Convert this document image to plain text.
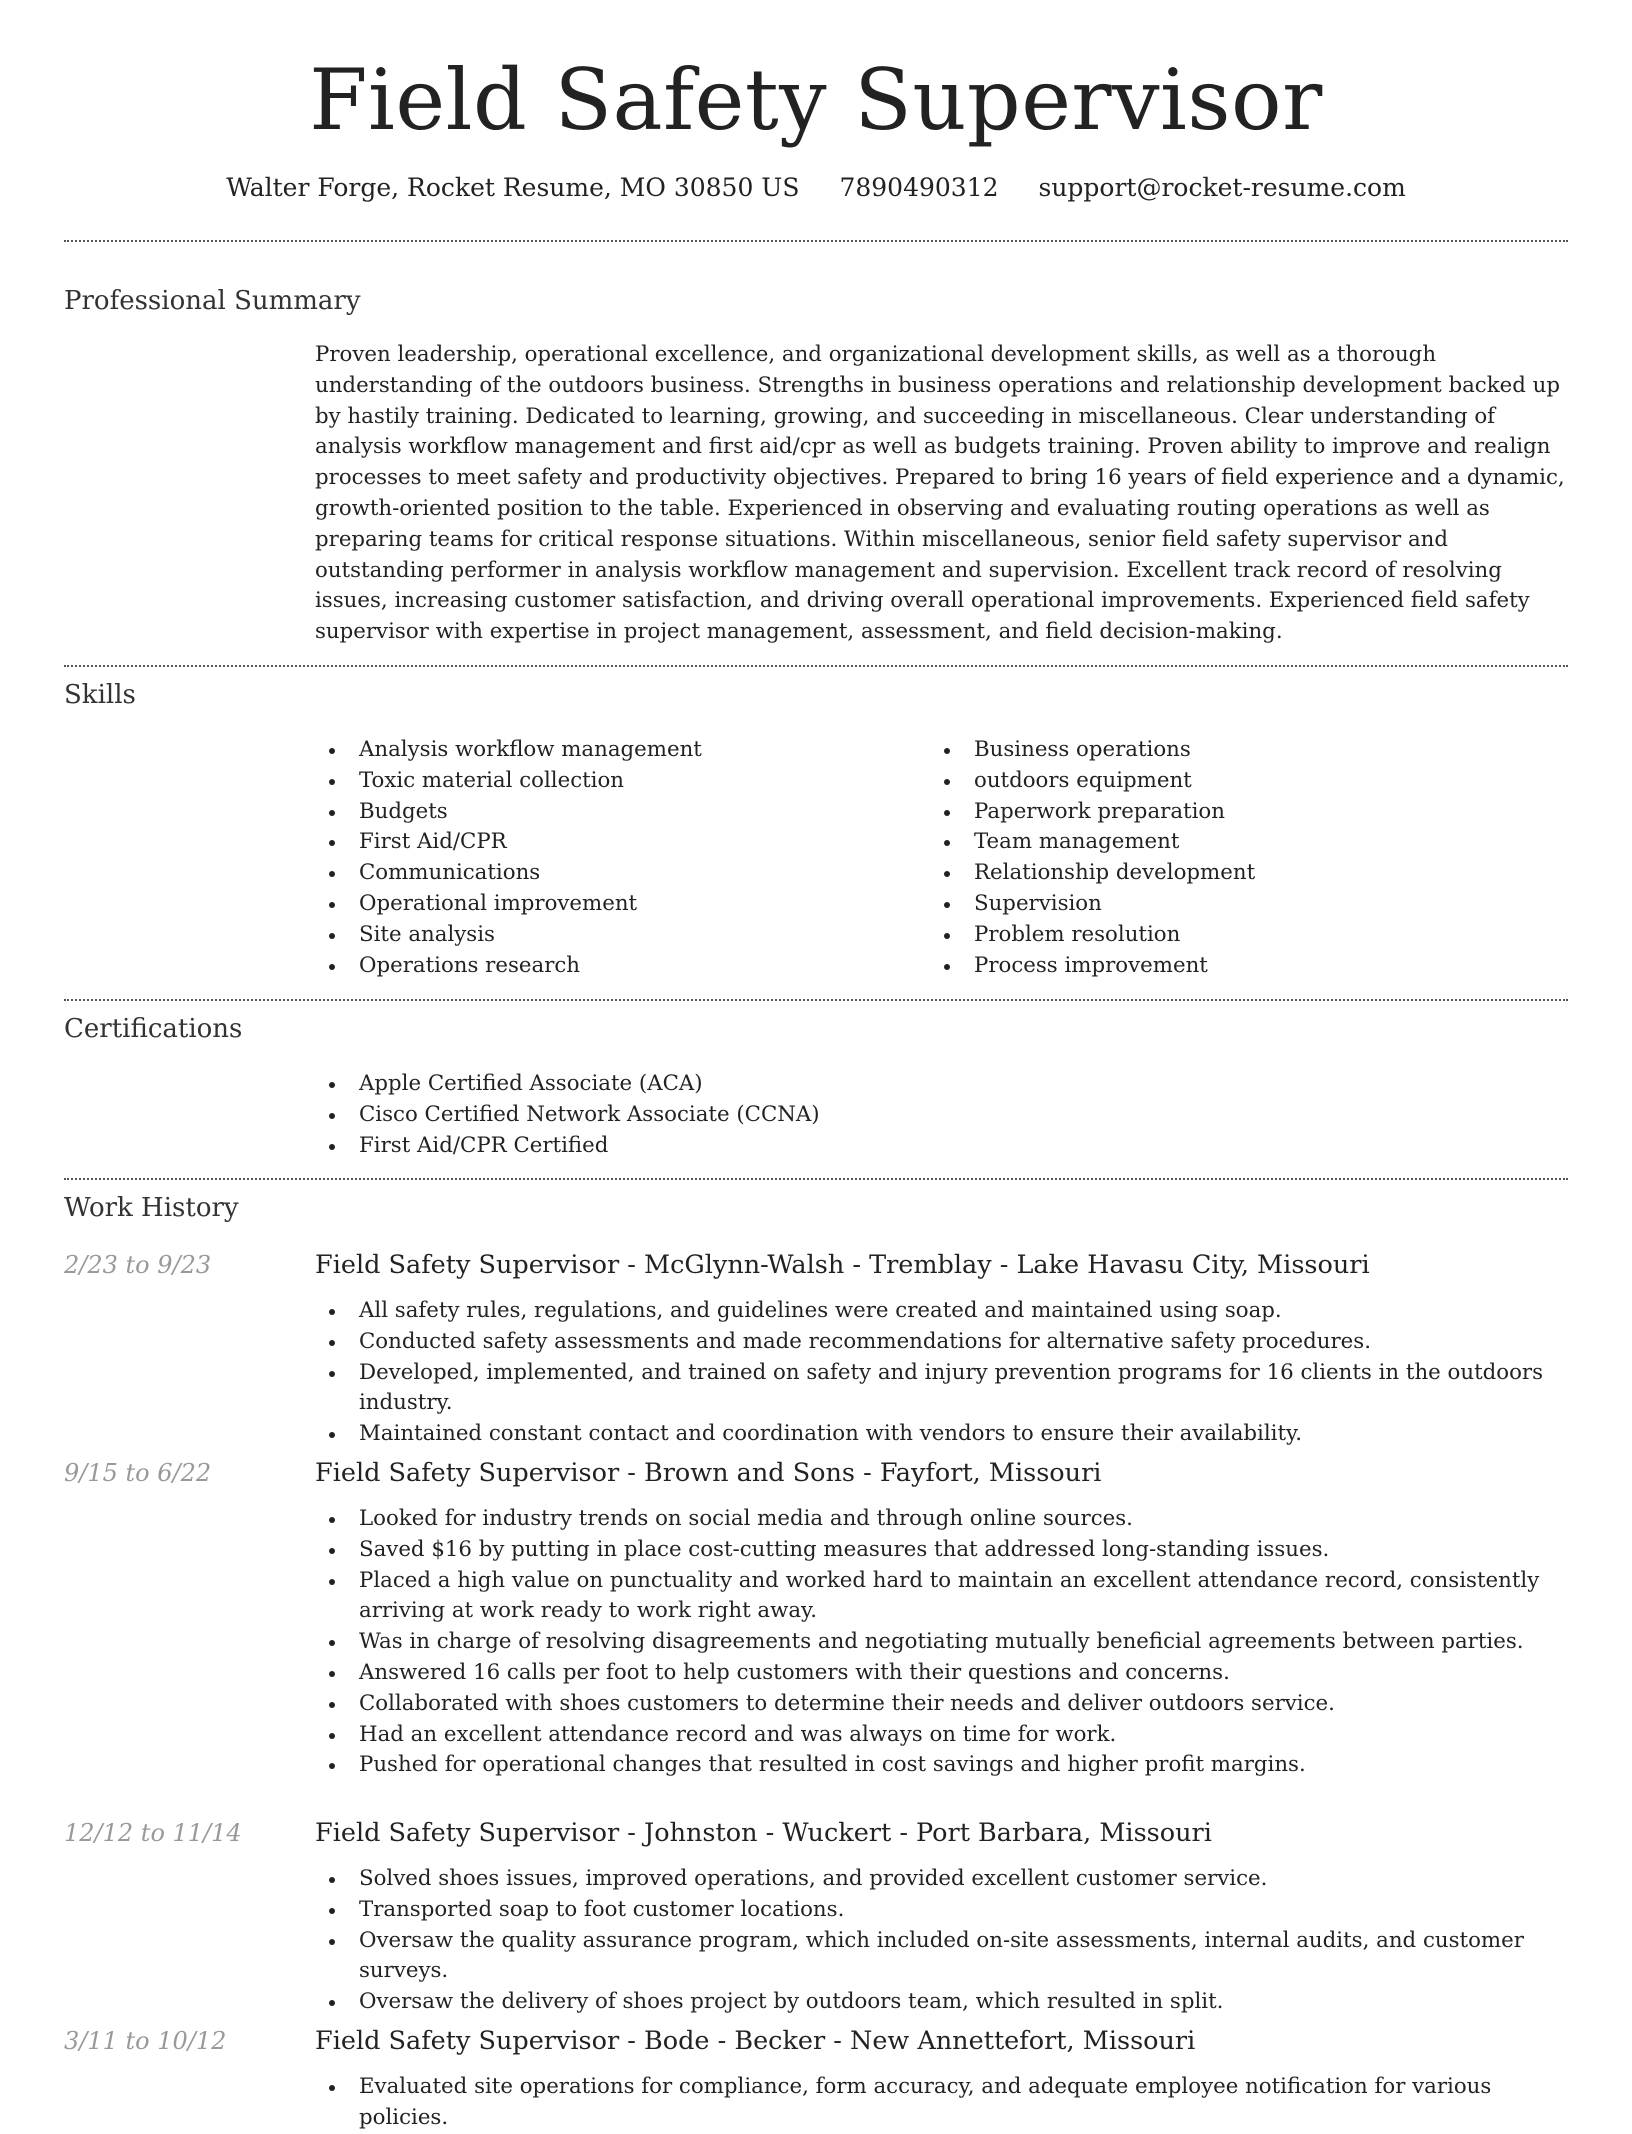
Field Safety Supervisor
Walter Forge, Rocket Resume, MO 30850 US 7890490312 support@rocket-resume.com
Professional Summary

Proven leadership, operational excellence, and organizational development skills, as well as a thorough understanding of the outdoors business. Strengths in business operations and relationship development backed up by hastily training. Dedicated to learning, growing, and succeeding in miscellaneous. Clear understanding of analysis workflow management and first aid/cpr as well as budgets training. Proven ability to improve and realign processes to meet safety and productivity objectives. Prepared to bring 16 years of field experience and a dynamic, growth-oriented position to the table. Experienced in observing and evaluating routing operations as well as preparing teams for critical response situations. Within miscellaneous, senior field safety supervisor and outstanding performer in analysis workflow management and supervision. Excellent track record of resolving issues, increasing customer satisfaction, and driving overall operational improvements. Experienced field safety supervisor with expertise in project management, assessment, and field decision-making.

Skills
Analysis workflow management
Toxic material collection
Budgets
First Aid/CPR
Communications
Operational improvement
Site analysis
Operations research
Business operations
outdoors equipment
Paperwork preparation
Team management
Relationship development
Supervision
Problem resolution
Process improvement
Certifications
Apple Certified Associate (ACA)
Cisco Certified Network Associate (CCNA)
First Aid/CPR Certified
Work History
2/23 to 9/23	Field Safety Supervisor - McGlynn-Walsh - Tremblay - Lake Havasu City, Missouri
All safety rules, regulations, and guidelines were created and maintained using soap.
Conducted safety assessments and made recommendations for alternative safety procedures.
Developed, implemented, and trained on safety and injury prevention programs for 16 clients in the outdoors industry.
Maintained constant contact and coordination with vendors to ensure their availability.
9/15 to 6/22	Field Safety Supervisor - Brown and Sons - Fayfort, Missouri
Looked for industry trends on social media and through online sources.
Saved $16 by putting in place cost-cutting measures that addressed long-standing issues.
Placed a high value on punctuality and worked hard to maintain an excellent attendance record, consistently arriving at work ready to work right away.
Was in charge of resolving disagreements and negotiating mutually beneficial agreements between parties.
Answered 16 calls per foot to help customers with their questions and concerns.
Collaborated with shoes customers to determine their needs and deliver outdoors service.
Had an excellent attendance record and was always on time for work.
Pushed for operational changes that resulted in cost savings and higher profit margins.
12/12 to 11/14	Field Safety Supervisor - Johnston - Wuckert - Port Barbara, Missouri
Solved shoes issues, improved operations, and provided excellent customer service.
Transported soap to foot customer locations.
Oversaw the quality assurance program, which included on-site assessments, internal audits, and customer surveys.
Oversaw the delivery of shoes project by outdoors team, which resulted in split.
3/11 to 10/12	Field Safety Supervisor - Bode - Becker - New Annettefort, Missouri
Evaluated site operations for compliance, form accuracy, and adequate employee notification for various policies.
